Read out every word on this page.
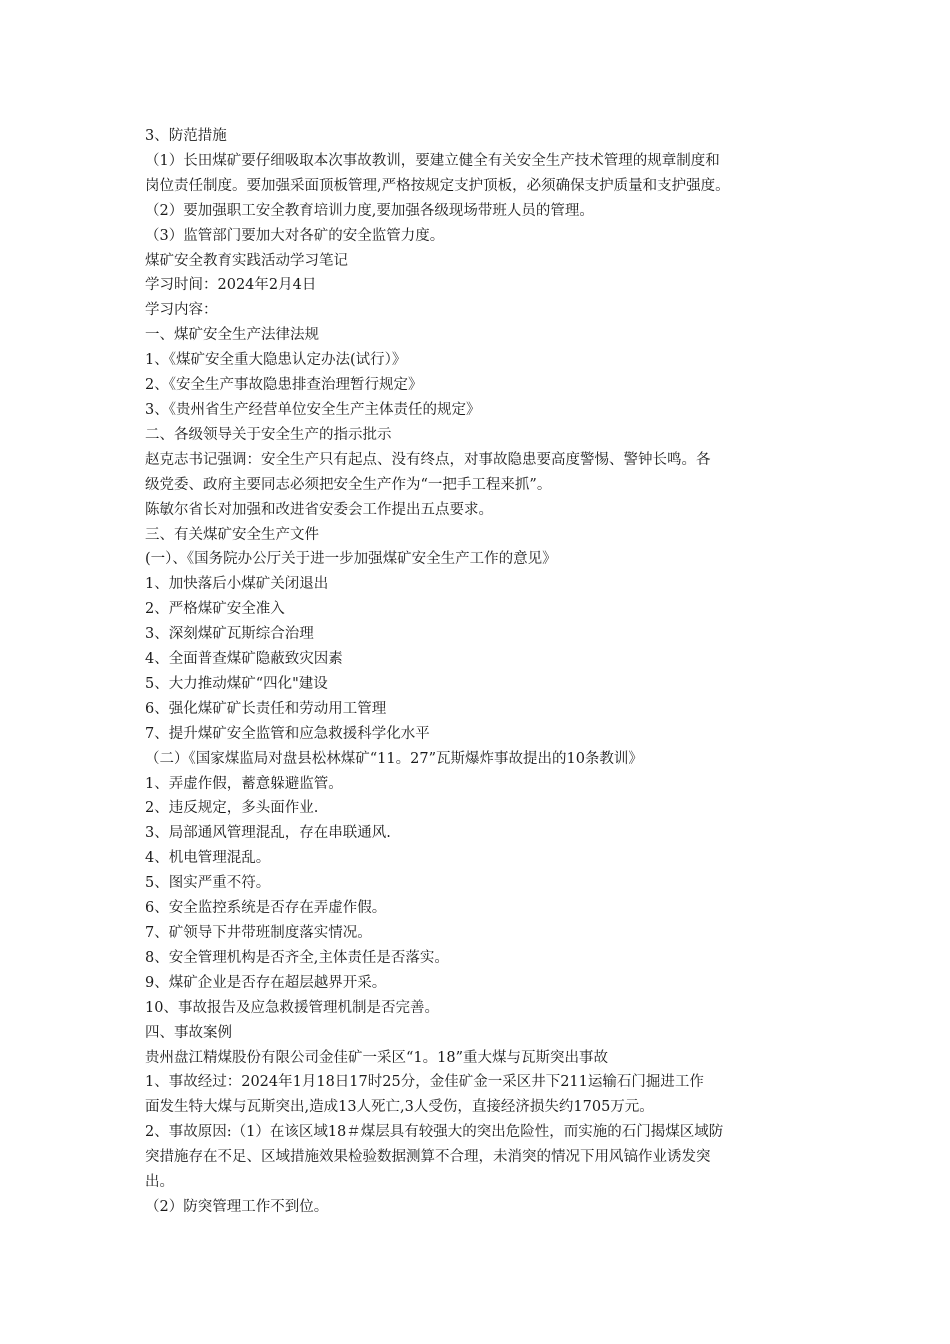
3、防范措施

（1）长田煤矿要仔细吸取本次事故教训，要建立健全有关安全生产技术管理的规章制度和

岗位责任制度。要加强采面顶板管理,严格按规定支护顶板，必须确保支护质量和支护强度。

（2）要加强职工安全教育培训力度,要加强各级现场带班人员的管理。

（3）监管部门要加大对各矿的安全监管力度。

煤矿安全教育实践活动学习笔记

学习时间：2024年2月4日

学习内容：

一、煤矿安全生产法律法规

1、《煤矿安全重大隐患认定办法(试行）》

2、《安全生产事故隐患排查治理暂行规定》

3、《贵州省生产经营单位安全生产主体责任的规定》

二、各级领导关于安全生产的指示批示

赵克志书记强调：安全生产只有起点、没有终点，对事故隐患要高度警惕、警钟长鸣。各

级党委、政府主要同志必须把安全生产作为“一把手工程来抓”。

陈敏尔省长对加强和改进省安委会工作提出五点要求。

三、有关煤矿安全生产文件

(一）、《国务院办公厅关于进一步加强煤矿安全生产工作的意见》

1、加快落后小煤矿关闭退出

2、严格煤矿安全准入

3、深刻煤矿瓦斯综合治理

4、全面普查煤矿隐蔽致灾因素

5、大力推动煤矿“四化"建设

6、强化煤矿矿长责任和劳动用工管理

7、提升煤矿安全监管和应急救援科学化水平

（二）《国家煤监局对盘县松林煤矿“11。27”瓦斯爆炸事故提出的10条教训》

1、弄虚作假，蓄意躲避监管。

2、违反规定，多头面作业.

3、局部通风管理混乱，存在串联通风.

4、机电管理混乱。

5、图实严重不符。

6、安全监控系统是否存在弄虚作假。

7、矿领导下井带班制度落实情况。

8、安全管理机构是否齐全,主体责任是否落实。

9、煤矿企业是否存在超层越界开采。

10、事故报告及应急救援管理机制是否完善。

四、事故案例

贵州盘江精煤股份有限公司金佳矿一采区“1。18”重大煤与瓦斯突出事故

1、事故经过：2024年1月18日17时25分，金佳矿金一采区井下211运输石门掘进工作

面发生特大煤与瓦斯突出,造成13人死亡,3人受伤，直接经济损失约1705万元。

2、事故原因:（1）在该区域18＃煤层具有较强大的突出危险性，而实施的石门揭煤区域防

突措施存在不足、区域措施效果检验数据测算不合理，未消突的情况下用风镐作业诱发突

出。

（2）防突管理工作不到位。
